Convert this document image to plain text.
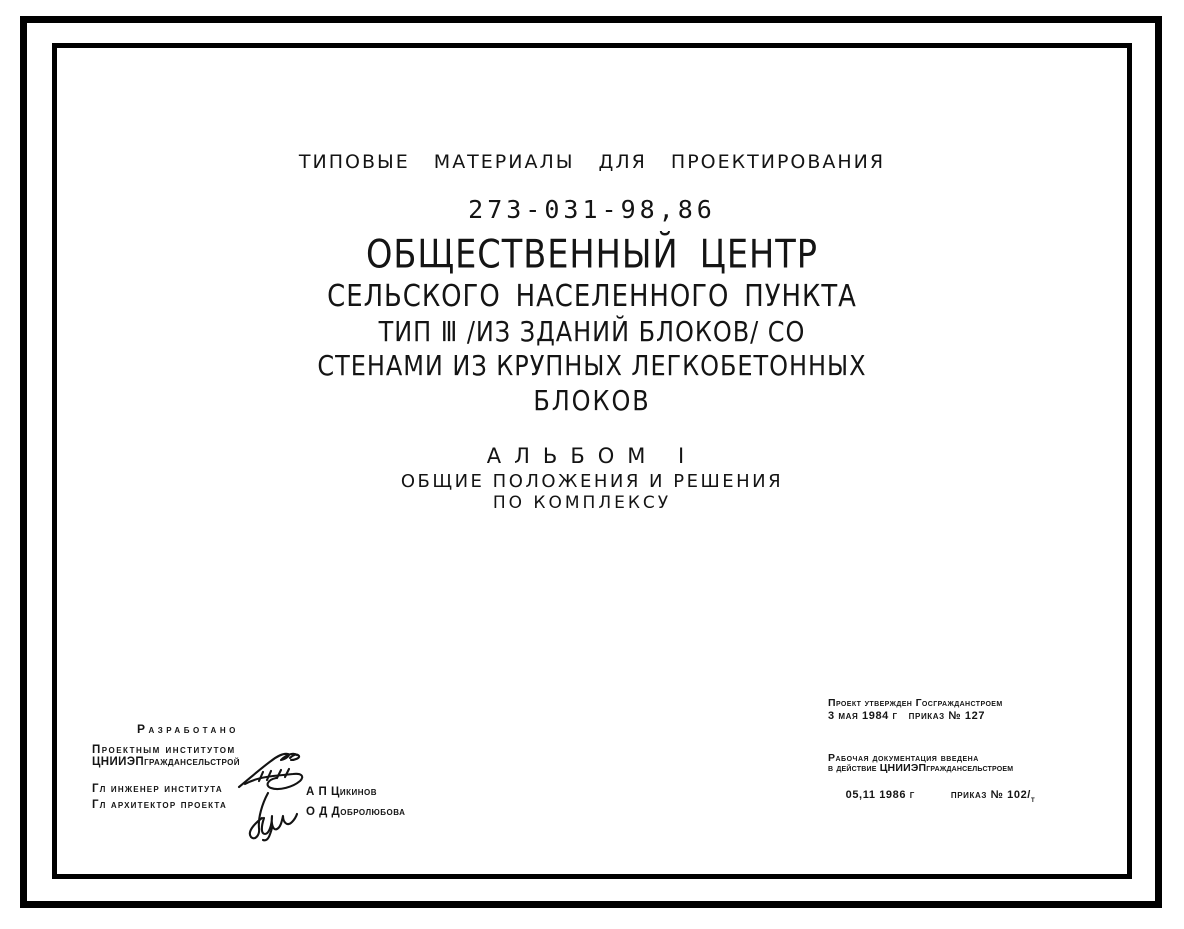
ТИПОВЫЕ МАТЕРИАЛЫ ДЛЯ ПРОЕКТИРОВАНИЯ
273-031-98,86
ОБЩЕСТВЕННЫЙ ЦЕНТР
СЕЛЬСКОГО НАСЕЛЕННОГО ПУНКТА
ТИП Ⅲ /ИЗ ЗДАНИЙ БЛОКОВ/ СО
СТЕНАМИ ИЗ КРУПНЫХ ЛЕГКОБЕТОННЫХ
БЛОКОВ
АЛЬБОМ Ⅰ
ОБЩИЕ ПОЛОЖЕНИЯ И РЕШЕНИЯ
ПО КОМПЛЕКСУ
Разработано
Проектным институтом
ЦНИИЭПграждансельстрой
Гл инженер института
Гл архитектор проекта
А П Цикинов
О Д Добролюбова
Проект утвержден Госгражданстроем
3 мая 1984 г   приказ № 127
Рабочая документация введена
в действие ЦНИИЭПграждансельстроем

05,11 1986 г	приказ № $102/_т$
